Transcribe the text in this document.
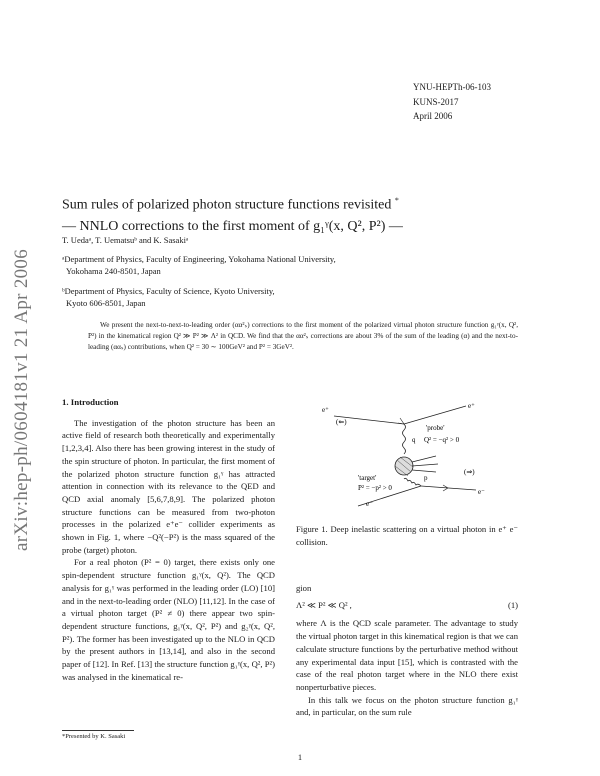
arXiv:hep-ph/0604181v1 21 Apr 2006
YNU-HEPTh-06-103
KUNS-2017
April 2006
Sum rules of polarized photon structure functions revisited *
— NNLO corrections to the first moment of g₁ᵞ(x, Q², P²) —
T. Uedaᵃ, T. Uematsuᵇ and K. Sasakiᵃ
ᵃDepartment of Physics, Faculty of Engineering, Yokohama National University,
Yokohama 240-8501, Japan
ᵇDepartment of Physics, Faculty of Science, Kyoto University,
Kyoto 606-8501, Japan
We present the next-to-next-to-leading order (αα²ₛ) corrections to the first moment of the polarized virtual photon structure function g₁ᵞ(x, Q², P²) in the kinematical region Q² ≫ P² ≫ Λ² in QCD. We find that the αα²ₛ corrections are about 3% of the sum of the leading (α) and the next-to-leading (ααₛ) contributions, when Q² = 30 ∼ 100GeV² and P² = 3GeV².
1. Introduction
The investigation of the photon structure has been an active field of research both theoretically and experimentally [1,2,3,4]. Also there has been growing interest in the study of the spin structure of photon. In particular, the first moment of the polarized photon structure function g₁ᵞ has attracted attention in connection with its relevance to the QED and QCD axial anomaly [5,6,7,8,9]. The polarized photon structure functions can be measured from two-photon processes in the polarized e⁺e⁻ collider experiments as shown in Fig. 1, where −Q²(−P²) is the mass squared of the probe (target) photon.
For a real photon (P² = 0) target, there exists only one spin-dependent structure function g₁ᵞ(x, Q²). The QCD analysis for g₁ᵞ was performed in the leading order (LO) [10] and in the next-to-leading order (NLO) [11,12]. In the case of a virtual photon target (P² ≠ 0) there appear two spin-dependent structure functions, g₁ᵞ(x, Q², P²) and g₂ᵞ(x, Q², P²). The former has been investigated up to the NLO in QCD by the present authors in [13,14], and also in the second paper of [12]. In Ref. [13] the structure function g₁ᵞ(x, Q², P²) was analysed in the kinematical re-
e⁺	e⁺
(⇐)
(⇒)
'probe'
q Q² = −q² > 0
'target'	p
P² = −p² > 0
e⁻
e⁻
Figure 1. Deep inelastic scattering on a virtual photon in e⁺ e⁻ collision.
gion
Λ² ≪ P² ≪ Q² ,	(1)
where Λ is the QCD scale parameter. The advantage to study the virtual photon target in this kinematical region is that we can calculate structure functions by the perturbative method without any experimental data input [15], which is contrasted with the case of the real photon target where in the NLO there exist nonperturbative pieces.
In this talk we focus on the photon structure function g₁ᵞ and, in particular, on the sum rule
*Presented by K. Sasaki
1
